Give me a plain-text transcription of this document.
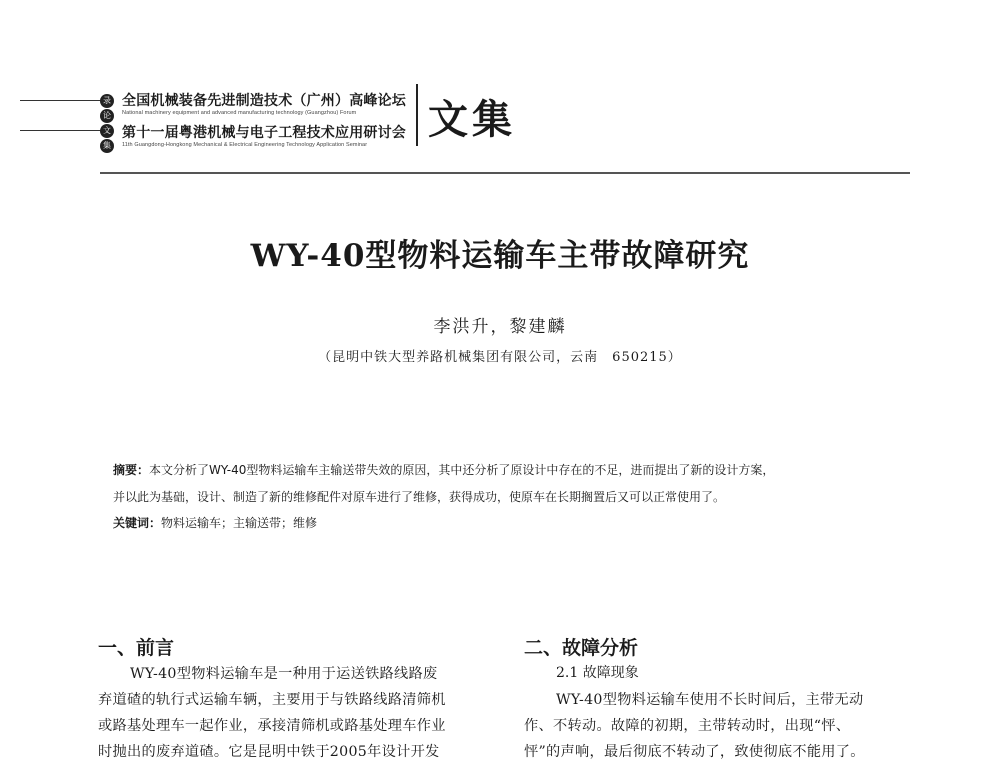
录
论
文
集
全国机械装备先进制造技术（广州）高峰论坛
National machinery equipment and advanced manufacturing technology (Guangzhou) Forum
第十一届粤港机械与电子工程技术应用研讨会
11th Guangdong-Hongkong Mechanical & Electrical Engineering Technology Application Seminar
文集
WY-40型物料运输车主带故障研究
李洪升，黎建麟
（昆明中铁大型养路机械集团有限公司，云南　650215）
摘要：本文分析了WY-40型物料运输车主输送带失效的原因，其中还分析了原设计中存在的不足，进而提出了新的设计方案，
并以此为基础，设计、制造了新的维修配件对原车进行了维修，获得成功，使原车在长期搁置后又可以正常使用了。
关键词：物料运输车；主输送带；维修
一、前言
WY-40型物料运输车是一种用于运送铁路线路废
弃道碴的轨行式运输车辆，主要用于与铁路线路清筛机
或路基处理车一起作业，承接清筛机或路基处理车作业
时抛出的废弃道碴。它是昆明中铁于2005年设计开发
二、故障分析
2.1 故障现象
WY-40型物料运输车使用不长时间后，主带无动
作、不转动。故障的初期，主带转动时，出现“怦、
怦”的声响，最后彻底不转动了，致使彻底不能用了。
